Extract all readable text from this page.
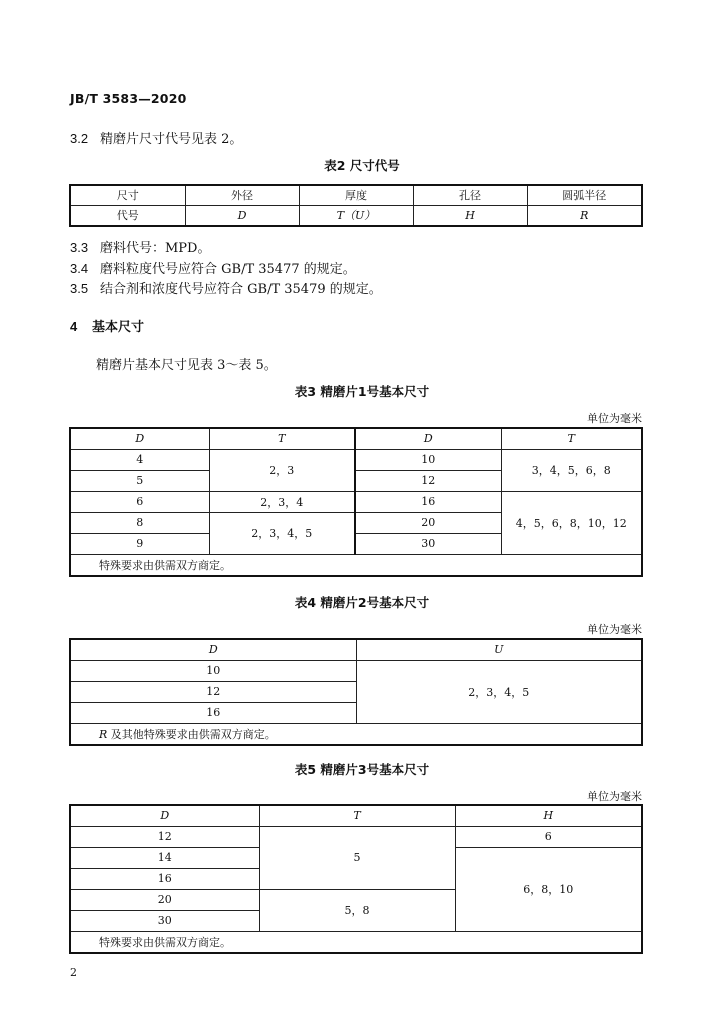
JB/T 3583—2020
3.2 精磨片尺寸代号见表 2。
表2 尺寸代号
尺寸	外径	厚度	孔径	圆弧半径
代号	D	T（U）	H	R
3.3 磨料代号：MPD。
3.4 磨料粒度代号应符合 GB/T 35477 的规定。
3.5 结合剂和浓度代号应符合 GB/T 35479 的规定。
4 基本尺寸
精磨片基本尺寸见表 3～表 5。
表3 精磨片1号基本尺寸
单位为毫米
D	T	D	T
4	2，3	10	3，4，5，6，8
5		12	
6	2，3，4	16	4，5，6，8，10，12
8	2，3，4，5	20	
9		30	
特殊要求由供需双方商定。			
表4 精磨片2号基本尺寸
单位为毫米
D	U
10	2，3，4，5
12	
16	
R 及其他特殊要求由供需双方商定。	
表5 精磨片3号基本尺寸
单位为毫米
D	T	H
12	5	6
14		6，8，10
16		
20	5，8	
30		
特殊要求由供需双方商定。		
2
